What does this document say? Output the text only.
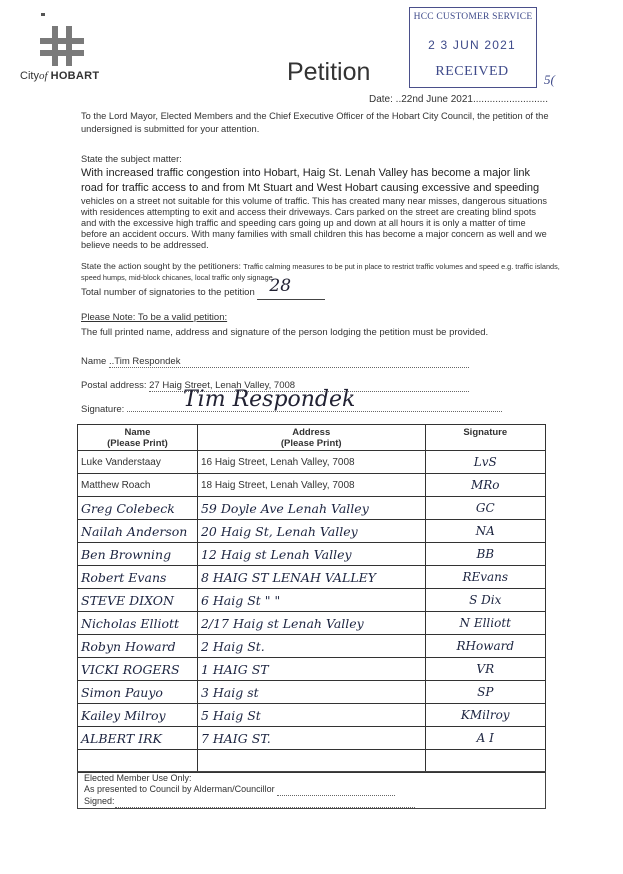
Cityof HOBART	Petition
HCC CUSTOMER SERVICE
2 3 JUN 2021
RECEIVED
5(
Date: ..22nd June 2021...........................
To the Lord Mayor, Elected Members and the Chief Executive Officer of the Hobart City Council, the petition of the undersigned is submitted for your attention.
State the subject matter:
With increased traffic congestion into Hobart, Haig St. Lenah Valley has become a major link road for traffic access to and from Mt Stuart and West Hobart causing excessive and speeding
vehicles on a street not suitable for this volume of traffic. This has created many near misses, dangerous situations with residences attempting to exit and access their driveways. Cars parked on the street are creating blind spots and with the excessive high traffic and speeding cars going up and down at all hours it is only a matter of time before an accident occurs. With many families with small children this has become a major concern as well and we believe needs to be addressed.
State the action sought by the petitioners: Traffic calming measures to be put in place to restrict traffic volumes and speed e.g. traffic islands, speed humps, mid-block chicanes, local traffic only signage.
Total number of signatories to the petition 28
Please Note: To be a valid petition:
The full printed name, address and signature of the person lodging the petition must be provided.
Name ..Tim Respondek
Postal address: 27 Haig Street, Lenah Valley, 7008
Signature:	Tim Respondek
Name
(Please Print)	Address
(Please Print)	Signature
Luke Vanderstaay	16 Haig Street, Lenah Valley, 7008	LvS
Matthew Roach	18 Haig Street, Lenah Valley, 7008	MRo
Greg Colebeck	59 Doyle Ave Lenah Valley	GC
Nailah Anderson	20 Haig St, Lenah Valley	NA
Ben Browning	12 Haig st Lenah Valley	BB
Robert Evans	8 HAIG ST LENAH VALLEY	REvans
STEVE DIXON	6 Haig St " "	S Dix
Nicholas Elliott	2/17 Haig st Lenah Valley	N Elliott
Robyn Howard	2 Haig St.	RHoward
VICKI ROGERS	1 HAIG ST	VR
Simon Pauyo	3 Haig st	SP
Kailey Milroy	5 Haig St	KMilroy
ALBERT IRK	7 HAIG ST.	A I

Elected Member Use Only:
As presented to Council by Alderman/Councillor
Signed:
